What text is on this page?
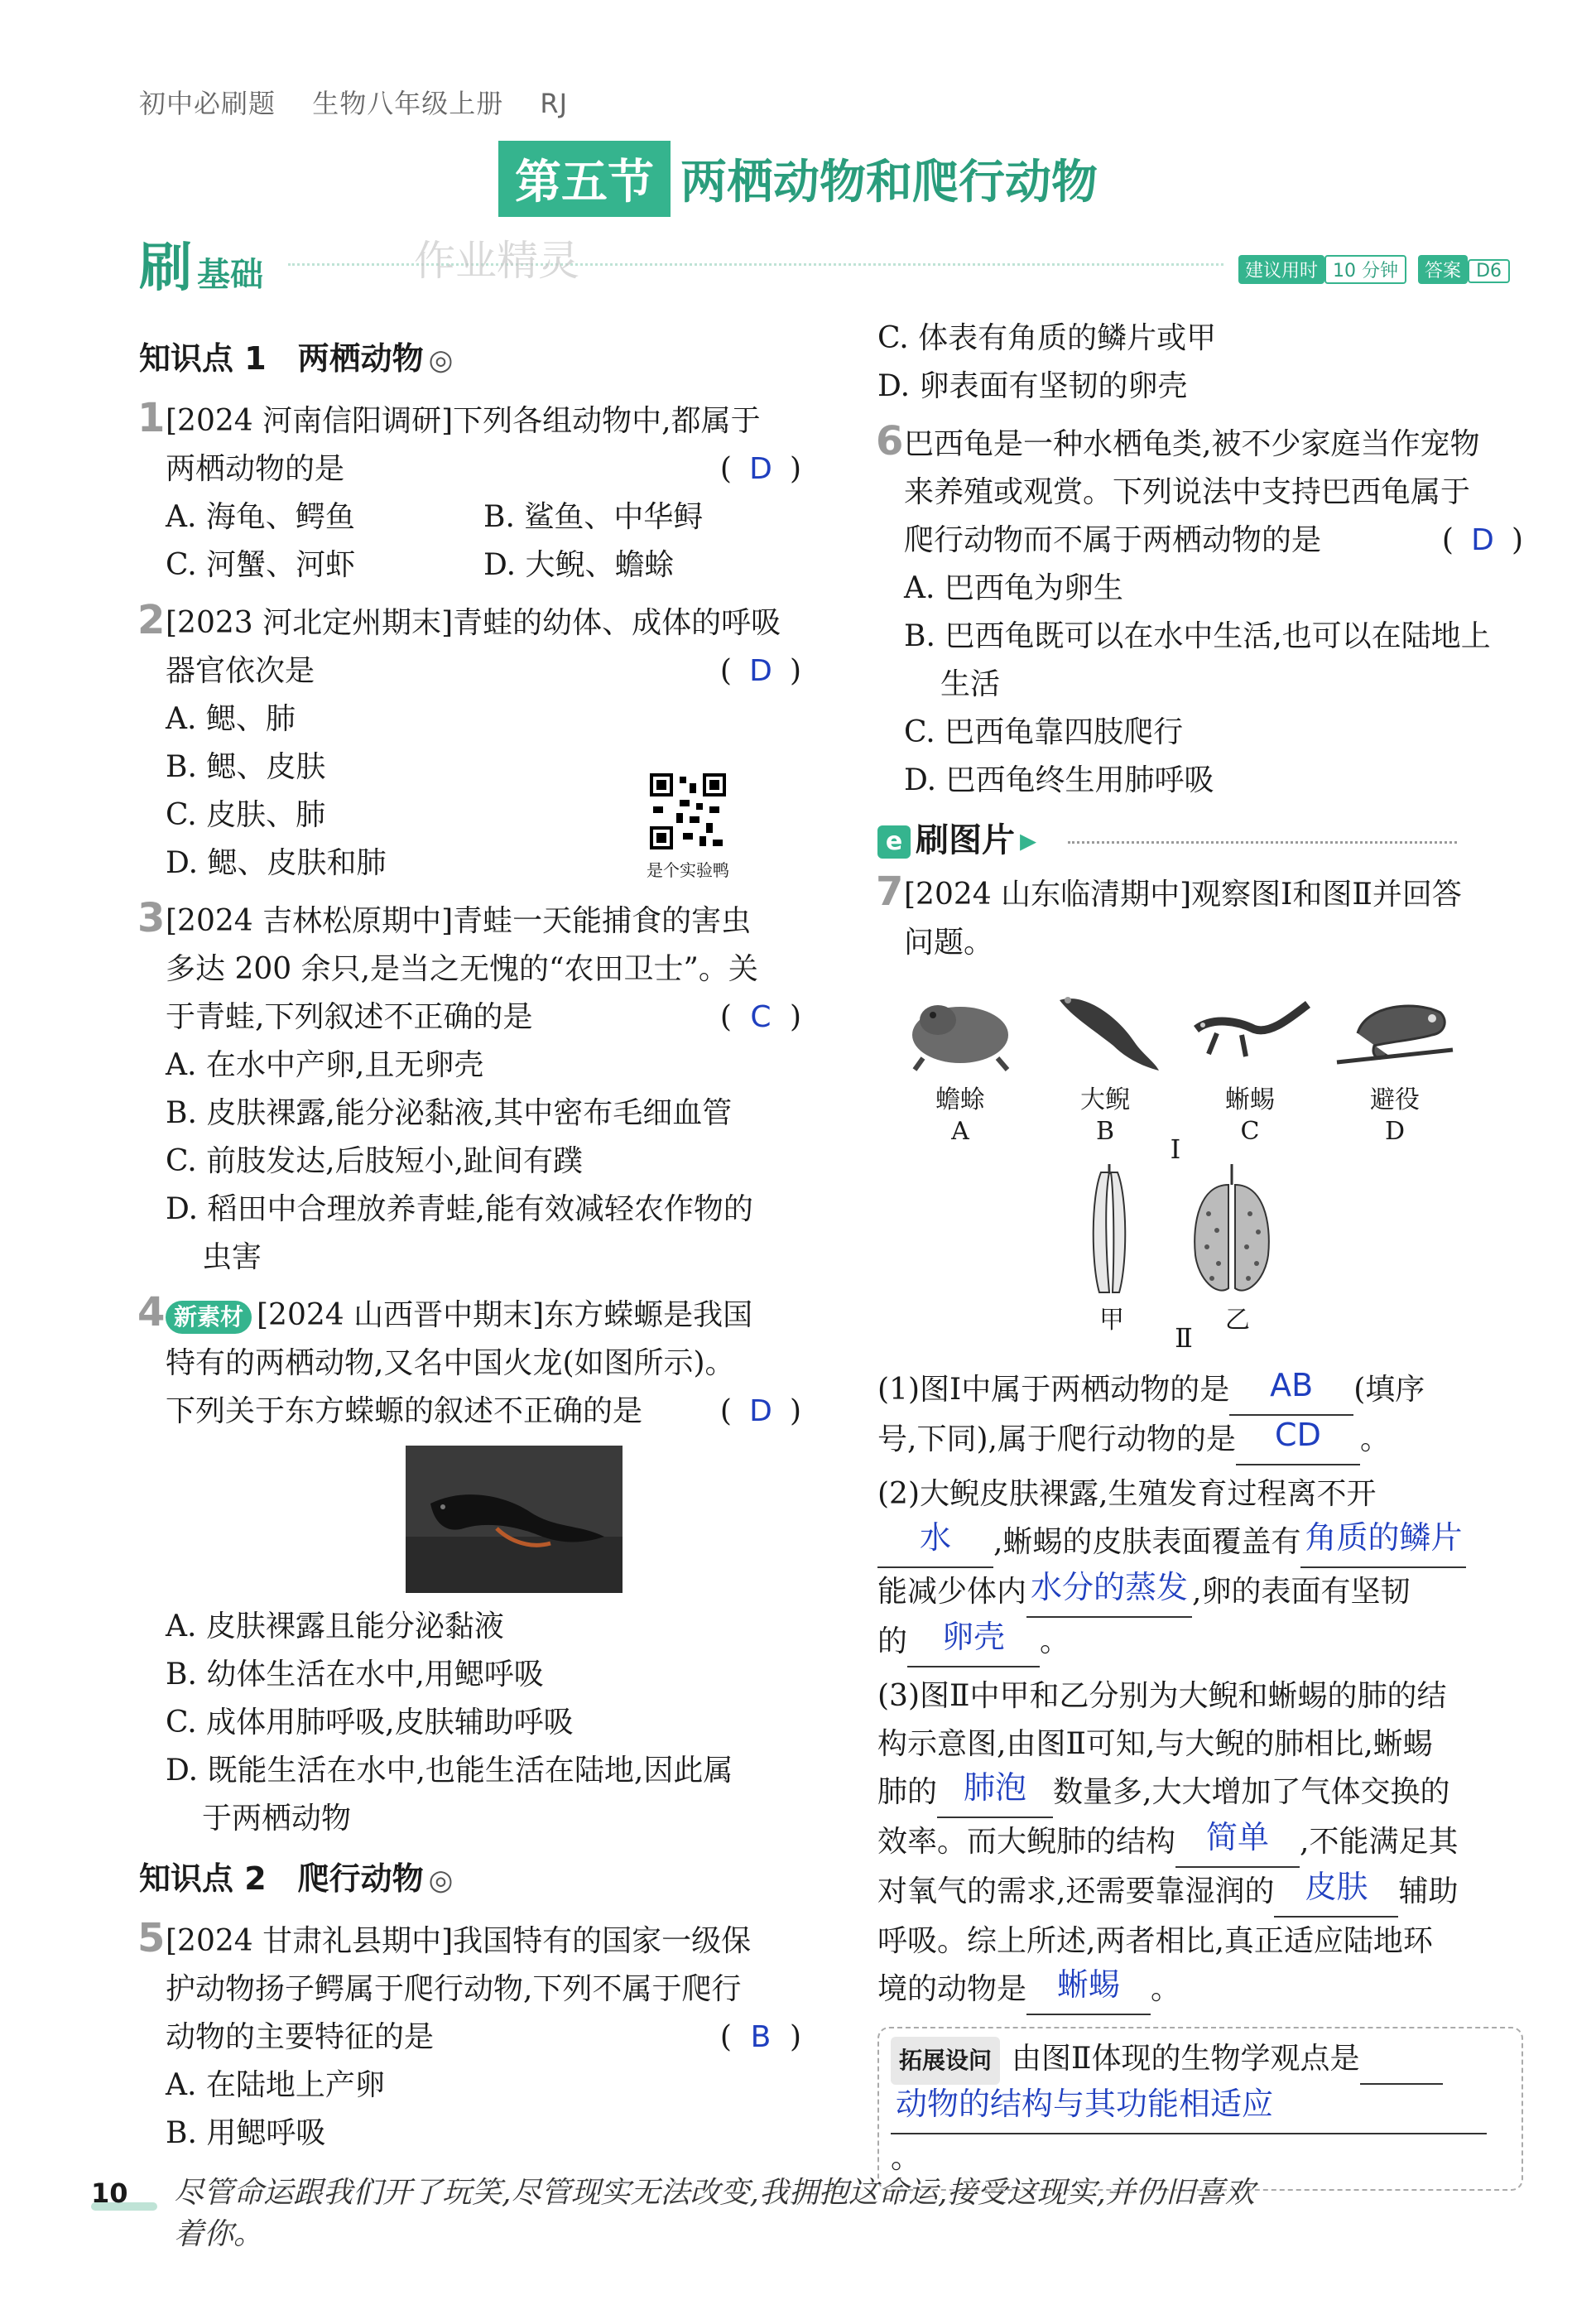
初中必刷题　 生物八年级上册　 RJ
第五节 两栖动物和爬行动物
刷基础	建议用时 10 分钟 答案 D6
作业精灵
知识点 1　两栖动物 ◎
1 [2024 河南信阳调研]下列各组动物中,都属于
两栖动物的是	( D )
A. 海龟、鳄鱼	B. 鲨鱼、中华鲟
C. 河蟹、河虾	D. 大鲵、蟾蜍
2 [2023 河北定州期末]青蛙的幼体、成体的呼吸
器官依次是	( D )
A. 鳃、肺
B. 鳃、皮肤
C. 皮肤、肺
D. 鳃、皮肤和肺
3 [2024 吉林松原期中]青蛙一天能捕食的害虫
多达 200 余只,是当之无愧的“农田卫士”。关
于青蛙,下列叙述不正确的是	( C )
A. 在水中产卵,且无卵壳
B. 皮肤裸露,能分泌黏液,其中密布毛细血管
C. 前肢发达,后肢短小,趾间有蹼
D. 稻田中合理放养青蛙,能有效减轻农作物的
虫害
4 新素材 [2024 山西晋中期末]东方蝾螈是我国
特有的两栖动物,又名中国火龙(如图所示)。
下列关于东方蝾螈的叙述不正确的是	( D )
A. 皮肤裸露且能分泌黏液
B. 幼体生活在水中,用鳃呼吸
C. 成体用肺呼吸,皮肤辅助呼吸
D. 既能生活在水中,也能生活在陆地,因此属
于两栖动物
知识点 2　爬行动物 ◎
5 [2024 甘肃礼县期中]我国特有的国家一级保
护动物扬子鳄属于爬行动物,下列不属于爬行
动物的主要特征的是	( B )
A. 在陆地上产卵
B. 用鳃呼吸
是个实验鸭
C. 体表有角质的鳞片或甲
D. 卵表面有坚韧的卵壳
6 巴西龟是一种水栖龟类,被不少家庭当作宠物
来养殖或观赏。下列说法中支持巴西龟属于
爬行动物而不属于两栖动物的是	( D )
A. 巴西龟为卵生
B. 巴西龟既可以在水中生活,也可以在陆地上
生活
C. 巴西龟靠四肢爬行
D. 巴西龟终生用肺呼吸
e 刷图片 ▸
7 [2024 山东临清期中]观察图Ⅰ和图Ⅱ并回答
问题。
蟾蜍
A
大鲵
B
蜥蜴
C
避役
D
Ⅰ
甲	乙
Ⅱ
(1)图Ⅰ中属于两栖动物的是	AB	(填序
号,下同),属于爬行动物的是	CD	。
(2)大鲵皮肤裸露,生殖发育过程离不开

水	,蜥蜴的皮肤表面覆盖有 角质的鳞片
能减少体内 水分的蒸发 ,卵的表面有坚韧
的	卵壳	。
(3)图Ⅱ中甲和乙分别为大鲵和蜥蜴的肺的结
构示意图,由图Ⅱ可知,与大鲵的肺相比,蜥蜴
肺的 肺泡 数量多,大大增加了气体交换的
效率。而大鲵肺的结构 简单	,不能满足其
对氧气的需求,还需要靠湿润的 皮肤	辅助
呼吸。综上所述,两者相比,真正适应陆地环
境的动物是 蜥蜴	。
拓展设问 由图Ⅱ体现的生物学观点是

动物的结构与其功能相适应
。
10	尽管命运跟我们开了玩笑,尽管现实无法改变,我拥抱这命运,接受这现实,并仍旧喜欢
着你。
